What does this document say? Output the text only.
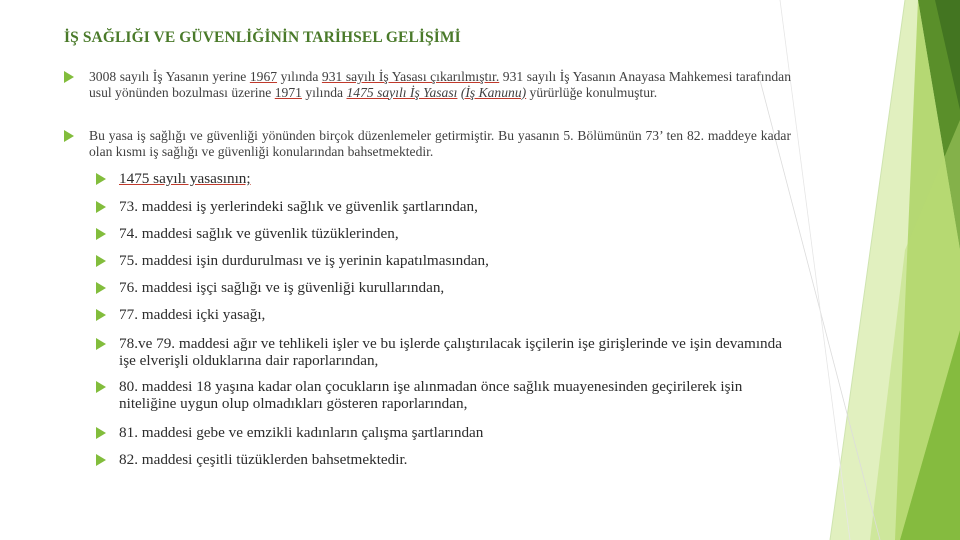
İŞ SAĞLIĞI VE GÜVENLİĞİNİN TARİHSEL GELİŞİMİ
3008 sayılı İş Yasanın yerine 1967 yılında 931 sayılı İş Yasası çıkarılmıştır. 931 sayılı İş Yasanın Anayasa Mahkemesi tarafından usul yönünden bozulması üzerine 1971 yılında 1475 sayılı İş Yasası (İş Kanunu) yürürlüğe konulmuştur.
Bu yasa iş sağlığı ve güvenliği yönünden birçok düzenlemeler getirmiştir. Bu yasanın 5. Bölümünün 73’ ten 82. maddeye kadar olan kısmı iş sağlığı ve güvenliği konularından bahsetmektedir.
1475 sayılı yasasının;
73. maddesi iş yerlerindeki sağlık ve güvenlik şartlarından,
74. maddesi sağlık ve güvenlik tüzüklerinden,
75. maddesi işin durdurulması ve iş yerinin kapatılmasından,
76. maddesi işçi sağlığı ve iş güvenliği kurullarından,
77. maddesi içki yasağı,
78.ve 79. maddesi ağır ve tehlikeli işler ve bu işlerde çalıştırılacak işçilerin işe girişlerinde ve işin devamında işe elverişli olduklarına dair raporlarından,
80. maddesi 18 yaşına kadar olan çocukların işe alınmadan önce sağlık muayenesinden geçirilerek işin niteliğine uygun olup olmadıkları gösteren raporlarından,
81. maddesi gebe ve emzikli kadınların çalışma şartlarından
82. maddesi çeşitli tüzüklerden bahsetmektedir.
